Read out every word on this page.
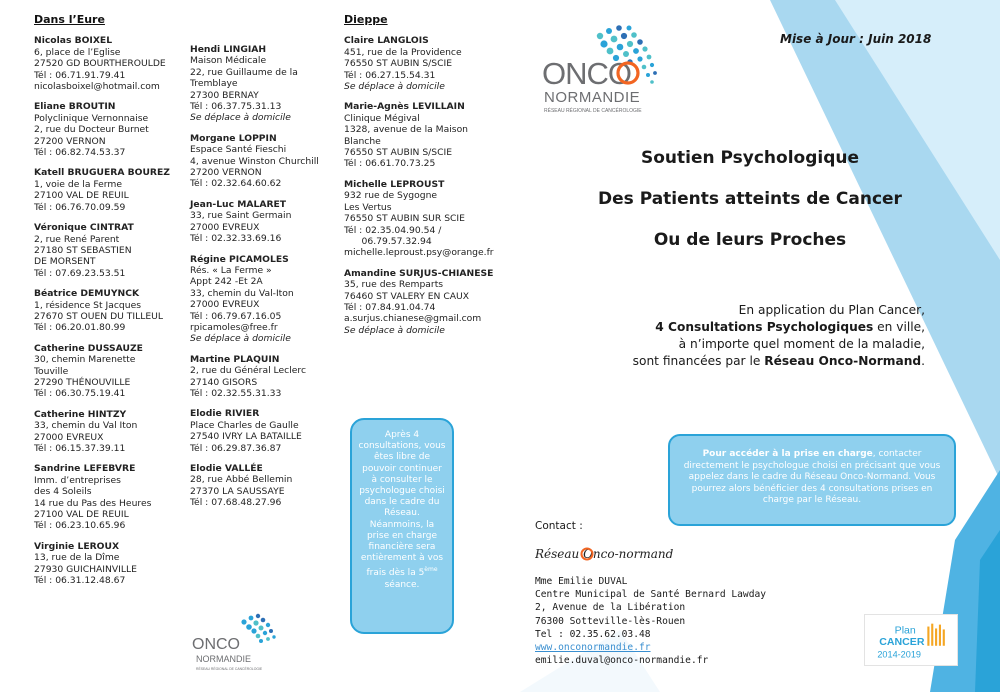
Dans l’Eure
Nicolas BOIXEL
6, place de l’Eglise
27520 GD BOURTHEROULDE
Tél : 06.71.91.79.41
nicolasboixel@hotmail.com
Eliane BROUTIN
Polyclinique Vernonnaise
2, rue du Docteur Burnet
27200 VERNON
Tél : 06.82.74.53.37
Katell BRUGUERA BOUREZ
1, voie de la Ferme
27100 VAL DE REUIL
Tél : 06.76.70.09.59
Véronique CINTRAT
2, rue René Parent
27180 ST SEBASTIEN
DE MORSENT
Tél : 07.69.23.53.51
Béatrice DEMUYNCK
1, résidence St Jacques
27670 ST OUEN DU TILLEUL
Tél : 06.20.01.80.99
Catherine DUSSAUZE
30, chemin Marenette
Touville
27290 THÉNOUVILLE
Tél : 06.30.75.19.41
Catherine HINTZY
33, chemin du Val Iton
27000 EVREUX
Tél : 06.15.37.39.11
Sandrine LEFEBVRE
Imm. d’entreprises
des 4 Soleils
14 rue du Pas des Heures
27100 VAL DE REUIL
Tél : 06.23.10.65.96
Virginie LEROUX
13, rue de la Dîme
27930 GUICHAINVILLE
Tél : 06.31.12.48.67
Hendi LINGIAH
Maison Médicale
22, rue Guillaume de la
Tremblaye
27300 BERNAY
Tél : 06.37.75.31.13
Se déplace à domicile
Morgane LOPPIN
Espace Santé Fieschi
4, avenue Winston Churchill
27200 VERNON
Tél : 02.32.64.60.62
Jean-Luc MALARET
33, rue Saint Germain
27000 EVREUX
Tél : 02.32.33.69.16
Régine PICAMOLES
Rés. « La Ferme »
Appt 242 -Et 2A
33, chemin du Val-Iton
27000 EVREUX
Tél : 06.79.67.16.05
rpicamoles@free.fr
Se déplace à domicile
Martine PLAQUIN
2, rue du Général Leclerc
27140 GISORS
Tél : 02.32.55.31.33
Elodie RIVIER
Place Charles de Gaulle
27540 IVRY LA BATAILLE
Tél : 06.29.87.36.87
Elodie VALLÉE
28, rue Abbé Bellemin
27370 LA SAUSSAYE
Tél : 07.68.48.27.96
Dieppe
Claire LANGLOIS
451, rue de la Providence
76550 ST AUBIN S/SCIE
Tél : 06.27.15.54.31
Se déplace à domicile
Marie-Agnès LEVILLAIN
Clinique Mégival
1328, avenue de la Maison
Blanche
76550 ST AUBIN S/SCIE
Tél : 06.61.70.73.25
Michelle LEPROUST
932 rue de Sygogne
Les Vertus
76550 ST AUBIN SUR SCIE
Tél : 02.35.04.90.54 /
06.79.57.32.94
michelle.leproust.psy@orange.fr
Amandine SURJUS-CHIANESE
35, rue des Remparts
76460 ST VALERY EN CAUX
Tél : 07.84.91.04.74
a.surjus.chianese@gmail.com
Se déplace à domicile
Après 4 consultations, vous êtes libre de pouvoir continuer à consulter le psychologue choisi dans le cadre du Réseau. Néanmoins, la prise en charge financière sera entièrement à vos frais dès la 5ème séance.
ONCO
NORMANDIE
RÉSEAU RÉGIONAL DE CANCÉROLOGIE
ONCO
NORMANDIE
RÉSEAU RÉGIONAL DE CANCÉROLOGIE
Mise à Jour : Juin 2018
Soutien Psychologique
Des Patients atteints de Cancer
Ou de leurs Proches
En application du Plan Cancer,
4 Consultations Psychologiques en ville,
à n’importe quel moment de la maladie,
sont financées par le Réseau Onco-Normand.
Pour accéder à la prise en charge, contacter directement le psychologue choisi en précisant que vous appelez dans le cadre du Réseau Onco-Normand. Vous pourrez alors bénéficier des 4 consultations prises en charge par le Réseau.
Contact :
Réseau Onco-normand
Mme Emilie DUVAL
Centre Municipal de Santé Bernard Lawday
2, Avenue de la Libération
76300 Sotteville-lès-Rouen
Tel : 02.35.62.03.48
www.onconormandie.fr
emilie.duval@onco-normandie.fr
Plan
CANCER
2014-2019
